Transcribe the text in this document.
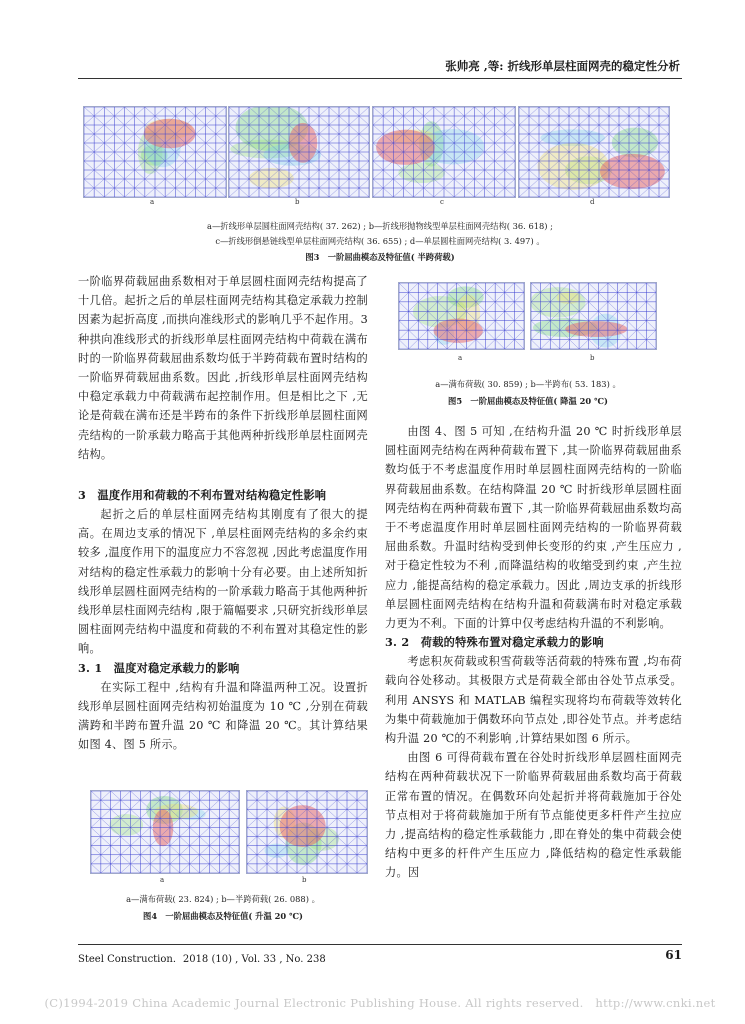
张帅亮 ,等: 折线形单层柱面网壳的稳定性分析
a	b	c	d
a—折线形单层圆柱面网壳结构( 37. 262) ; b—折线形抛物线型单层柱面网壳结构( 36. 618) ;
c—折线形倒悬链线型单层柱面网壳结构( 36. 655) ; d—单层圆柱面网壳结构( 3. 497) 。
图3　一阶屈曲模态及特征值( 半跨荷载)

一阶临界荷载屈曲系数相对于单层圆柱面网壳结构提高了十几倍。起折之后的单层柱面网壳结构其稳定承载力控制因素为起折高度 ,而拱向准线形式的影响几乎不起作用。3 种拱向准线形式的折线形单层柱面网壳结构中荷载在满布时的一阶临界荷载屈曲系数均低于半跨荷载布置时结构的一阶临界荷载屈曲系数。因此 ,折线形单层柱面网壳结构中稳定承载力中荷载满布起控制作用。但是相比之下 ,无论是荷载在满布还是半跨布的条件下折线形单层圆柱面网壳结构的一阶承载力略高于其他两种折线形单层柱面网壳结构。

3　温度作用和荷载的不利布置对结构稳定性影响

起折之后的单层柱面网壳结构其刚度有了很大的提高。在周边支承的情况下 ,单层柱面网壳结构的多余约束较多 ,温度作用下的温度应力不容忽视 ,因此考虑温度作用对结构的稳定性承载力的影响十分有必要。由上述所知折线形单层圆柱面网壳结构的一阶承载力略高于其他两种折线形单层柱面网壳结构 ,限于篇幅要求 ,只研究折线形单层圆柱面网壳结构中温度和荷载的不利布置对其稳定性的影响。

3. 1　温度对稳定承载力的影响

在实际工程中 ,结构有升温和降温两种工况。设置折线形单层圆柱面网壳结构初始温度为 10 ℃ ,分别在荷载满跨和半跨布置升温 20 ℃ 和降温 20 ℃。其计算结果如图 4、图 5 所示。

a	b
a—满布荷载( 30. 859) ; b—半跨布( 53. 183) 。
图5　一阶屈曲模态及特征值( 降温 20 ℃)

由图 4、图 5 可知 ,在结构升温 20 ℃ 时折线形单层圆柱面网壳结构在两种荷载布置下 ,其一阶临界荷载屈曲系数均低于不考虑温度作用时单层圆柱面网壳结构的一阶临界荷载屈曲系数。在结构降温 20 ℃ 时折线形单层圆柱面网壳结构在两种荷载布置下 ,其一阶临界荷载屈曲系数均高于不考虑温度作用时单层圆柱面网壳结构的一阶临界荷载屈曲系数。升温时结构受到伸长变形的约束 ,产生压应力 ,对于稳定性较为不利 ,而降温结构的收缩受到约束 ,产生拉应力 ,能提高结构的稳定承载力。因此 ,周边支承的折线形单层圆柱面网壳结构在结构升温和荷载满布时对稳定承载力更为不利。下面的计算中仅考虑结构升温的不利影响。

3. 2　荷载的特殊布置对稳定承载力的影响

考虑积灰荷载或积雪荷载等活荷载的特殊布置 ,均布荷载向谷处移动。其极限方式是荷载全部由谷处节点承受。利用 ANSYS 和 MATLAB 编程实现将均布荷载等效转化为集中荷载施加于偶数环向节点处 ,即谷处节点。并考虑结构升温 20 ℃的不利影响 ,计算结果如图 6 所示。

由图 6 可得荷载布置在谷处时折线形单层圆柱面网壳结构在两种荷载状况下一阶临界荷载屈曲系数均高于荷载正常布置的情况。在偶数环向处起折并将荷载施加于谷处节点相对于将荷载施加于所有节点能使更多杆件产生拉应力 ,提高结构的稳定性承载能力 ,即在脊处的集中荷载会使结构中更多的杆件产生压应力 ,降低结构的稳定性承载能力。因

a	b
a—满布荷载( 23. 824) ; b—半跨荷载( 26. 088) 。
图4　一阶屈曲模态及特征值( 升温 20 ℃)
Steel Construction．2018 (10) , Vol. 33 , No. 238	61
(C)1994-2019 China Academic Journal Electronic Publishing House. All rights reserved.　http://www.cnki.net
